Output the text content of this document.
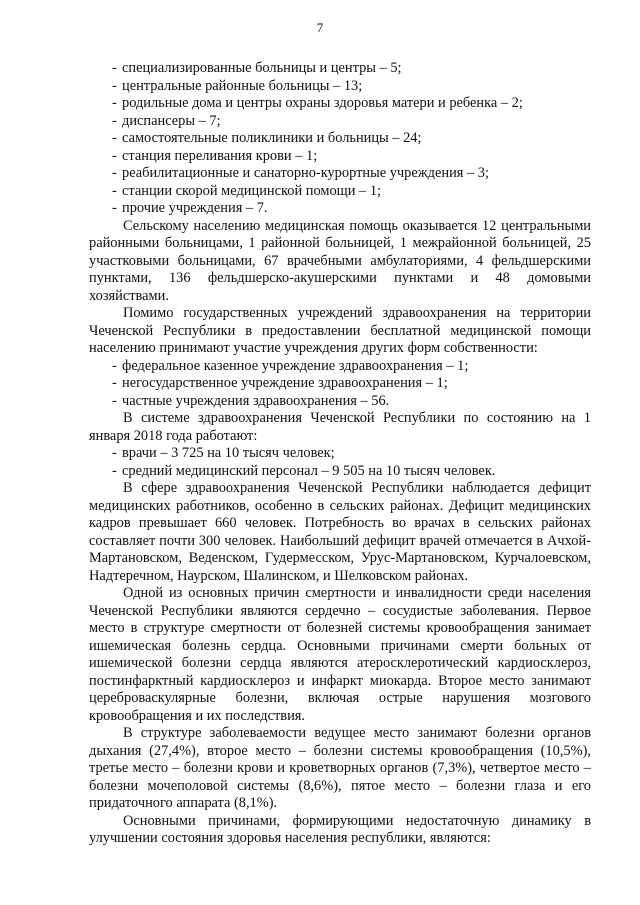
7
- специализированные больницы и центры – 5;
- центральные районные больницы – 13;
- родильные дома и центры охраны здоровья матери и ребенка – 2;
- диспансеры – 7;
- самостоятельные поликлиники и больницы – 24;
- станция переливания крови – 1;
- реабилитационные и санаторно-курортные учреждения – 3;
- станции скорой медицинской помощи – 1;
- прочие учреждения – 7.

Сельскому населению медицинская помощь оказывается 12 центральными районными больницами, 1 районной больницей, 1 межрайонной больницей, 25 участковыми больницами, 67 врачебными амбулаториями, 4 фельдшерскими пунктами, 136 фельдшерско-акушерскими пунктами и 48 домовыми хозяйствами.

Помимо государственных учреждений здравоохранения на территории Чеченской Республики в предоставлении бесплатной медицинской помощи населению принимают участие учреждения других форм собственности:

- федеральное казенное учреждение здравоохранения – 1;
- негосударственное учреждение здравоохранения – 1;
- частные учреждения здравоохранения – 56.

В системе здравоохранения Чеченской Республики по состоянию на 1 января 2018 года работают:

- врачи – 3 725 на 10 тысяч человек;
- средний медицинский персонал – 9 505 на 10 тысяч человек.

В сфере здравоохранения Чеченской Республики наблюдается дефицит медицинских работников, особенно в сельских районах. Дефицит медицинских кадров превышает 660 человек. Потребность во врачах в сельских районах составляет почти 300 человек. Наибольший дефицит врачей отмечается в Ачхой-Мартановском, Веденском, Гудермесском, Урус-Мартановском, Курчалоевском, Надтеречном, Наурском, Шалинском, и Шелковском районах.

Одной из основных причин смертности и инвалидности среди населения Чеченской Республики являются сердечно – сосудистые заболевания. Первое место в структуре смертности от болезней системы кровообращения занимает ишемическая болезнь сердца. Основными причинами смерти больных от ишемической болезни сердца являются атеросклеротический кардиосклероз, постинфарктный кардиосклероз и инфаркт миокарда. Второе место занимают цереброваскулярные болезни, включая острые нарушения мозгового кровообращения и их последствия.

В структуре заболеваемости ведущее место занимают болезни органов дыхания (27,4%), второе место – болезни системы кровообращения (10,5%), третье место – болезни крови и кроветворных органов (7,3%), четвертое место – болезни мочеполовой системы (8,6%), пятое место – болезни глаза и его придаточного аппарата (8,1%).

Основными причинами, формирующими недостаточную динамику в улучшении состояния здоровья населения республики, являются:
